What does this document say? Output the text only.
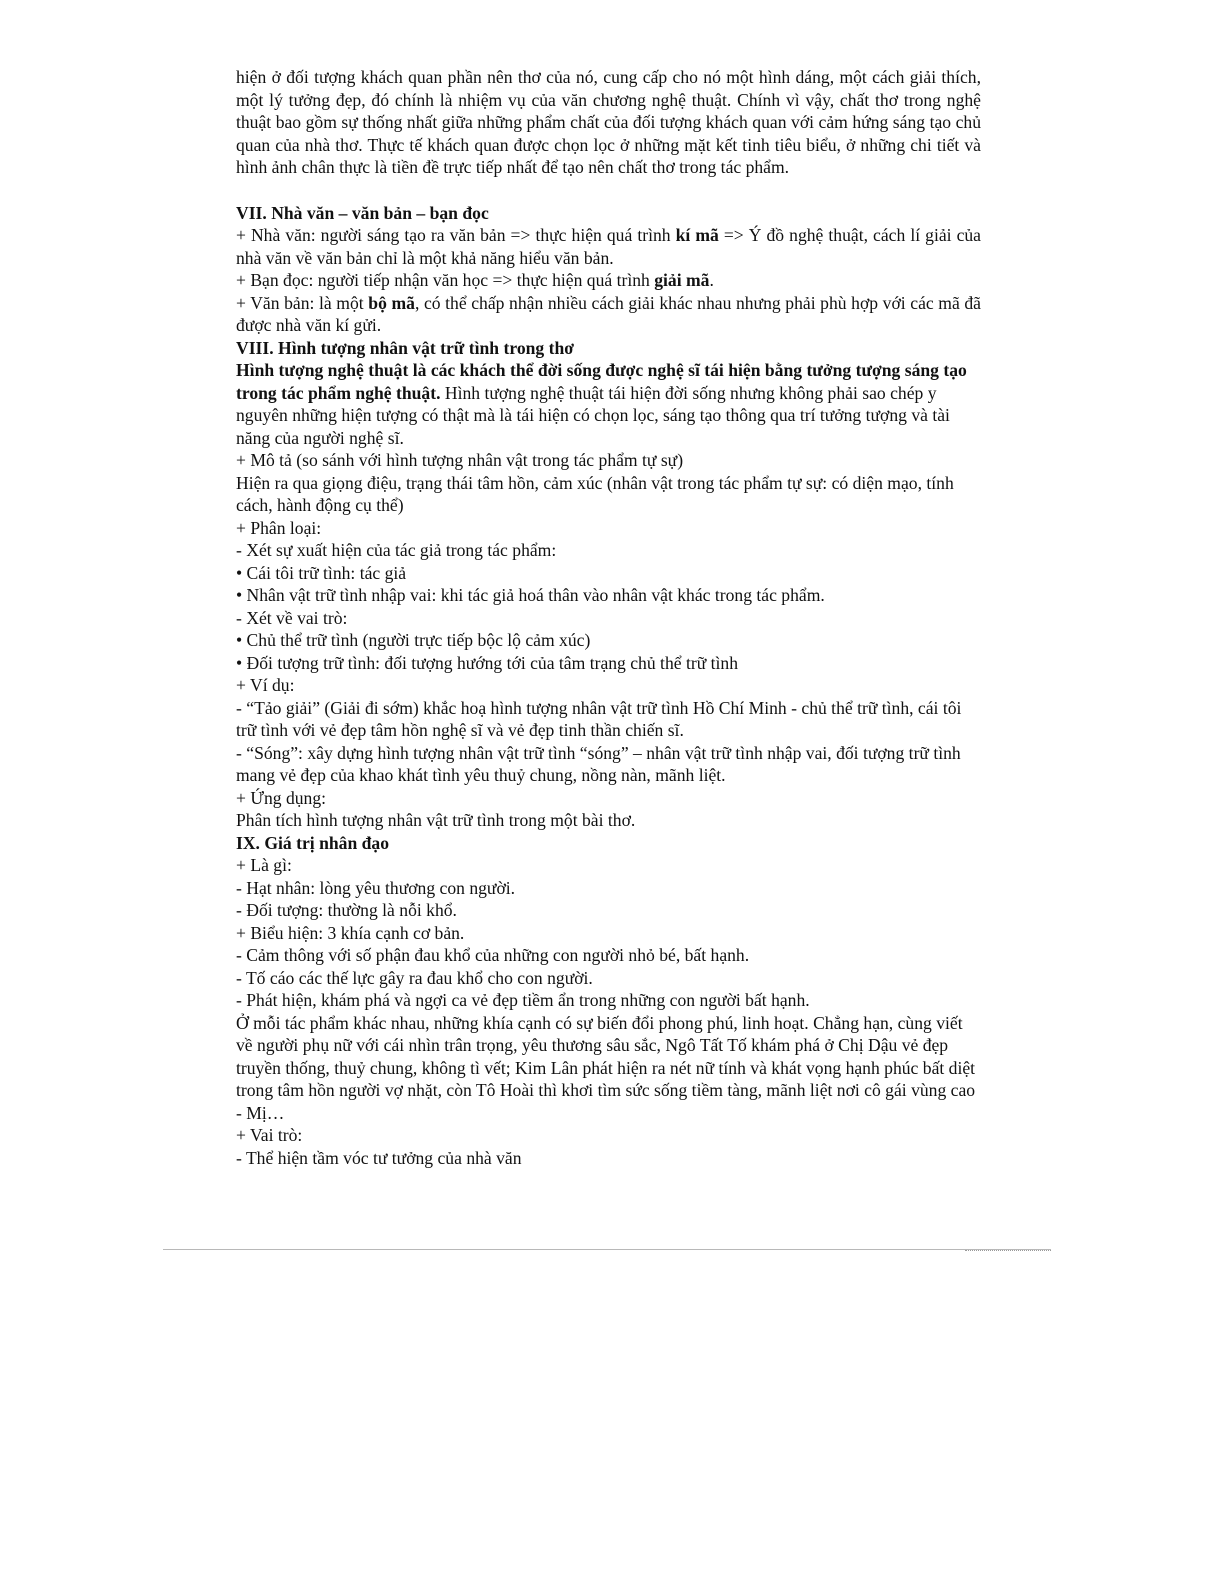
hiện ở đối tượng khách quan phần nên thơ của nó, cung cấp cho nó một hình dáng, một cách giải thích, một lý tưởng đẹp, đó chính là nhiệm vụ của văn chương nghệ thuật. Chính vì vậy, chất thơ trong nghệ thuật bao gồm sự thống nhất giữa những phẩm chất của đối tượng khách quan với cảm hứng sáng tạo chủ quan của nhà thơ. Thực tế khách quan được chọn lọc ở những mặt kết tinh tiêu biểu, ở những chi tiết và hình ảnh chân thực là tiền đề trực tiếp nhất để tạo nên chất thơ trong tác phẩm.

VII. Nhà văn – văn bản – bạn đọc

+ Nhà văn: người sáng tạo ra văn bản => thực hiện quá trình kí mã => Ý đồ nghệ thuật, cách lí giải của nhà văn về văn bản chỉ là một khả năng hiểu văn bản.

+ Bạn đọc: người tiếp nhận văn học => thực hiện quá trình giải mã.

+ Văn bản: là một bộ mã, có thể chấp nhận nhiều cách giải khác nhau nhưng phải phù hợp với các mã đã được nhà văn kí gửi.

VIII. Hình tượng nhân vật trữ tình trong thơ

Hình tượng nghệ thuật là các khách thể đời sống được nghệ sĩ tái hiện bằng tưởng tượng sáng tạo trong tác phẩm nghệ thuật. Hình tượng nghệ thuật tái hiện đời sống nhưng không phải sao chép y nguyên những hiện tượng có thật mà là tái hiện có chọn lọc, sáng tạo thông qua trí tưởng tượng và tài năng của người nghệ sĩ.

+ Mô tả (so sánh với hình tượng nhân vật trong tác phẩm tự sự)

Hiện ra qua giọng điệu, trạng thái tâm hồn, cảm xúc (nhân vật trong tác phẩm tự sự: có diện mạo, tính cách, hành động cụ thể)

+ Phân loại:

- Xét sự xuất hiện của tác giả trong tác phẩm:

• Cái tôi trữ tình: tác giả

• Nhân vật trữ tình nhập vai: khi tác giả hoá thân vào nhân vật khác trong tác phẩm.

- Xét về vai trò:

• Chủ thể trữ tình (người trực tiếp bộc lộ cảm xúc)

• Đối tượng trữ tình: đối tượng hướng tới của tâm trạng chủ thể trữ tình

+ Ví dụ:

- “Tảo giải” (Giải đi sớm) khắc hoạ hình tượng nhân vật trữ tình Hồ Chí Minh - chủ thể trữ tình, cái tôi trữ tình với vẻ đẹp tâm hồn nghệ sĩ và vẻ đẹp tinh thần chiến sĩ.

- “Sóng”: xây dựng hình tượng nhân vật trữ tình “sóng” – nhân vật trữ tình nhập vai, đối tượng trữ tình mang vẻ đẹp của khao khát tình yêu thuỷ chung, nồng nàn, mãnh liệt.

+ Ứng dụng:

Phân tích hình tượng nhân vật trữ tình trong một bài thơ.

IX. Giá trị nhân đạo

+ Là gì:

- Hạt nhân: lòng yêu thương con người.

- Đối tượng: thường là nỗi khổ.

+ Biểu hiện: 3 khía cạnh cơ bản.

- Cảm thông với số phận đau khổ của những con người nhỏ bé, bất hạnh.

- Tố cáo các thế lực gây ra đau khổ cho con người.

- Phát hiện, khám phá và ngợi ca vẻ đẹp tiềm ẩn trong những con người bất hạnh.

Ở mỗi tác phẩm khác nhau, những khía cạnh có sự biến đổi phong phú, linh hoạt. Chẳng hạn, cùng viết về người phụ nữ với cái nhìn trân trọng, yêu thương sâu sắc, Ngô Tất Tố khám phá ở Chị Dậu vẻ đẹp truyền thống, thuỷ chung, không tì vết; Kim Lân phát hiện ra nét nữ tính và khát vọng hạnh phúc bất diệt trong tâm hồn người vợ nhặt, còn Tô Hoài thì khơi tìm sức sống tiềm tàng, mãnh liệt nơi cô gái vùng cao - Mị…

+ Vai trò:

- Thể hiện tầm vóc tư tưởng của nhà văn
